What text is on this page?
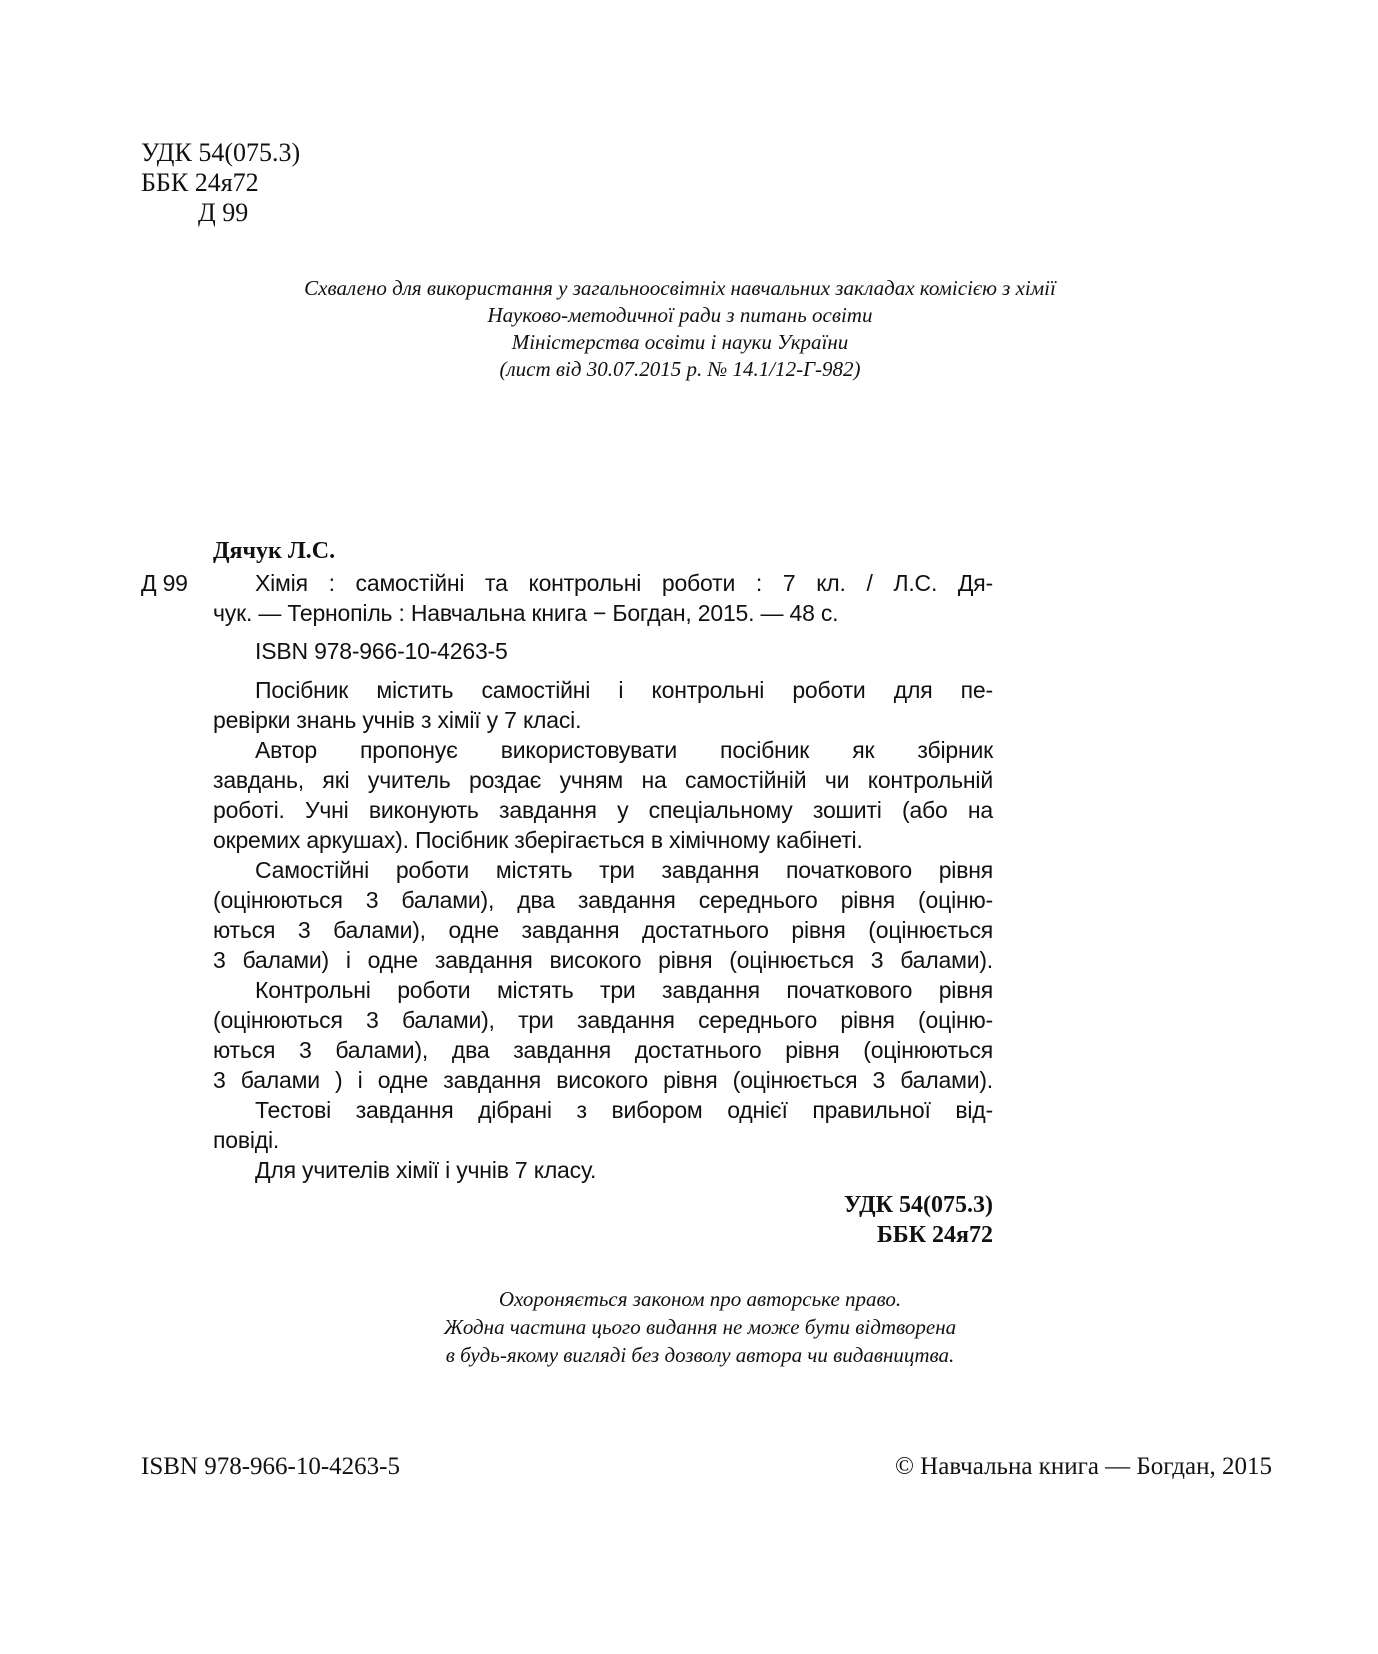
УДК 54(075.3)
ББК 24я72
Д 99
Схвалено для використання у загальноосвітніх навчальних закладах комісією з хімії
Науково-методичної ради з питань освіти
Міністерства освіти і науки України
(лист від 30.07.2015 р. № 14.1/12-Г-982)
Дячук Л.С.
Д 99	Хімія : самостійні та контрольні роботи : 7 кл. / Л.С. Дя-
чук. — Тернопіль : Навчальна книга − Богдан, 2015. — 48 с.
ISBN 978-966-10-4263-5
Посібник містить самостійні і контрольні роботи для пе-
ревірки знань учнів з хімії у 7 класі.
Автор пропонує використовувати посібник як збірник
завдань, які учитель роздає учням на самостійній чи контрольній
роботі. Учні виконують завдання у спеціальному зошиті (або на
окремих аркушах). Посібник зберігається в хімічному кабінеті.
Самостійні роботи містять три завдання початкового рівня
(оцінюються 3 балами), два завдання середнього рівня (оціню-
ються 3 балами), одне завдання достатнього рівня (оцінюється
3 балами) і одне завдання високого рівня (оцінюється 3 балами).
Контрольні роботи містять три завдання початкового рівня
(оцінюються 3 балами), три завдання середнього рівня (оціню-
ються 3 балами), два завдання достатнього рівня (оцінюються
3 балами ) і одне завдання високого рівня (оцінюється 3 балами).
Тестові завдання дібрані з вибором однієї правильної від-
повіді.
Для учителів хімії і учнів 7 класу.
УДК 54(075.3)
ББК 24я72
Охороняється законом про авторське право.
Жодна частина цього видання не може бути відтворена
в будь-якому вигляді без дозволу автора чи видавництва.
ISBN 978-966-10-4263-5	© Навчальна книга — Богдан, 2015
